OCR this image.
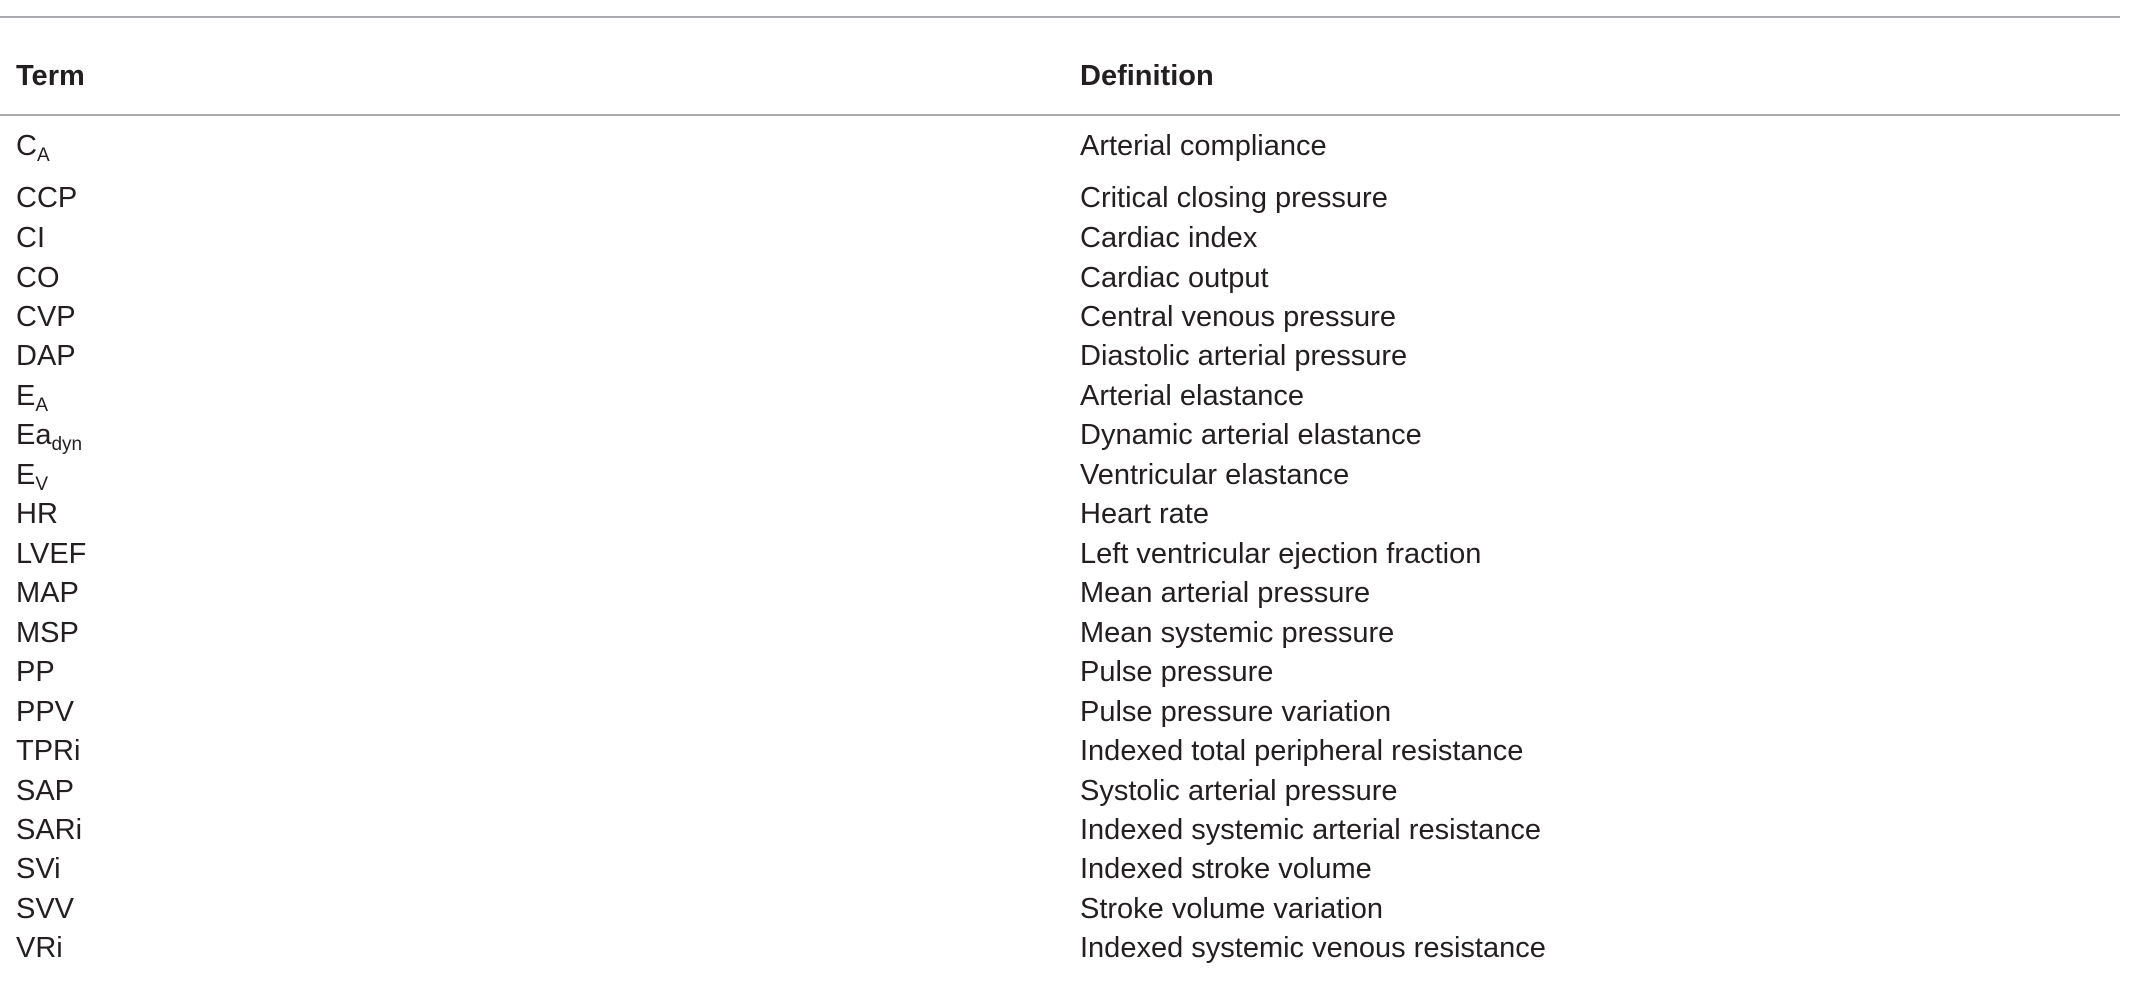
Term	Definition
$C_A$	Arterial compliance
CCP	Critical closing pressure
CI	Cardiac index
CO	Cardiac output
CVP	Central venous pressure
DAP	Diastolic arterial pressure
$E_A$	Arterial elastance
$Ea_{dyn}$	Dynamic arterial elastance
$E_V$	Ventricular elastance
HR	Heart rate
LVEF	Left ventricular ejection fraction
MAP	Mean arterial pressure
MSP	Mean systemic pressure
PP	Pulse pressure
PPV	Pulse pressure variation
TPRi	Indexed total peripheral resistance
SAP	Systolic arterial pressure
SARi	Indexed systemic arterial resistance
SVi	Indexed stroke volume
SVV	Stroke volume variation
VRi	Indexed systemic venous resistance
